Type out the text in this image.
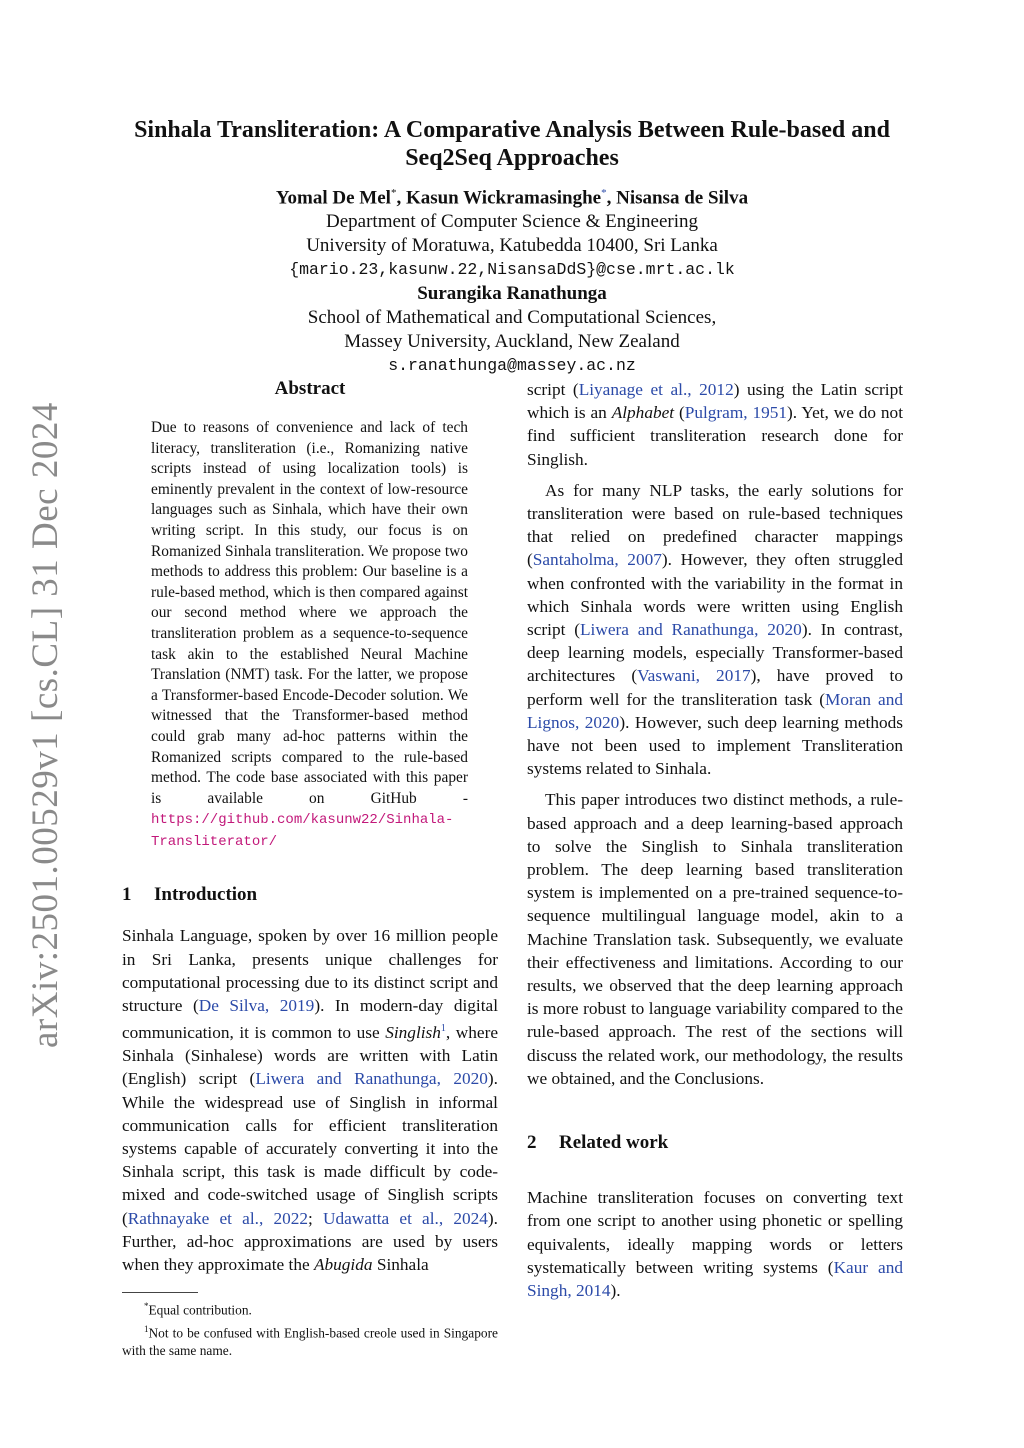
arXiv:2501.00529v1 [cs.CL] 31 Dec 2024

Sinhala Transliteration: A Comparative Analysis Between Rule-based and
Seq2Seq Approaches

Yomal De Mel*, Kasun Wickramasinghe*, Nisansa de Silva
Department of Computer Science & Engineering
University of Moratuwa, Katubedda 10400, Sri Lanka
{mario.23,kasunw.22,NisansaDdS}@cse.mrt.ac.lk
Surangika Ranathunga
School of Mathematical and Computational Sciences,
Massey University, Auckland, New Zealand
s.ranathunga@massey.ac.nz

Abstract

Due to reasons of convenience and lack of tech literacy, transliteration (i.e., Romanizing native scripts instead of using localization tools) is eminently prevalent in the context of low-resource languages such as Sinhala, which have their own writing script. In this study, our focus is on Romanized Sinhala transliteration. We propose two methods to address this problem: Our baseline is a rule-based method, which is then compared against our second method where we approach the transliteration problem as a sequence-to-sequence task akin to the established Neural Machine Translation (NMT) task. For the latter, we propose a Transformer-based Encode-Decoder solution. We witnessed that the Transformer-based method could grab many ad-hoc patterns within the Romanized scripts compared to the rule-based method. The code base associated with this paper is available on GitHub - https://github.com/kasunw22/Sinhala-Transliterator/

1 Introduction

Sinhala Language, spoken by over 16 million people in Sri Lanka, presents unique challenges for computational processing due to its distinct script and structure (De Silva, 2019). In modern-day digital communication, it is common to use Singlish$^1$, where Sinhala (Sinhalese) words are written with Latin (English) script (Liwera and Ranathunga, 2020). While the widespread use of Singlish in informal communication calls for efficient transliteration systems capable of accurately converting it into the Sinhala script, this task is made difficult by code-mixed and code-switched usage of Singlish scripts (Rathnayake et al., 2022; Udawatta et al., 2024). Further, ad-hoc approximations are used by users when they approximate the Abugida Sinhala

*Equal contribution.

$^1$Not to be confused with English-based creole used in Singapore with the same name.

script (Liyanage et al., 2012) using the Latin script which is an Alphabet (Pulgram, 1951). Yet, we do not find sufficient transliteration research done for Singlish.

As for many NLP tasks, the early solutions for transliteration were based on rule-based techniques that relied on predefined character mappings (Santaholma, 2007). However, they often struggled when confronted with the variability in the format in which Sinhala words were written using English script (Liwera and Ranathunga, 2020). In contrast, deep learning models, especially Transformer-based architectures (Vaswani, 2017), have proved to perform well for the transliteration task (Moran and Lignos, 2020). However, such deep learning methods have not been used to implement Transliteration systems related to Sinhala.

This paper introduces two distinct methods, a rule-based approach and a deep learning-based approach to solve the Singlish to Sinhala transliteration problem. The deep learning based transliteration system is implemented on a pre-trained sequence-to-sequence multilingual language model, akin to a Machine Translation task. Subsequently, we evaluate their effectiveness and limitations. According to our results, we observed that the deep learning approach is more robust to language variability compared to the rule-based approach. The rest of the sections will discuss the related work, our methodology, the results we obtained, and the Conclusions.

2 Related work

Machine transliteration focuses on converting text from one script to another using phonetic or spelling equivalents, ideally mapping words or letters systematically between writing systems (Kaur and Singh, 2014).
